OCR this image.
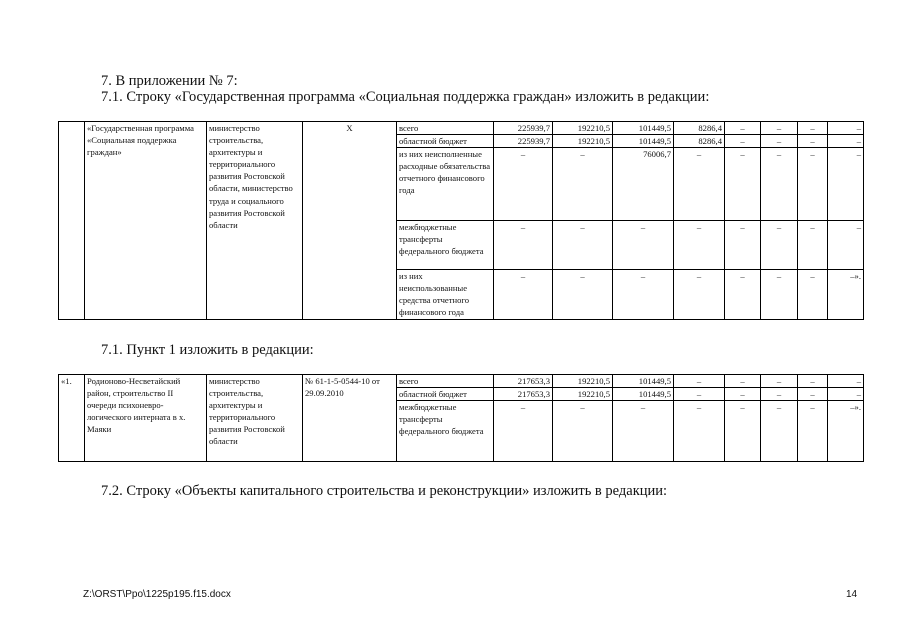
7. В приложении № 7:
7.1. Строку «Государственная программа «Социальная поддержка граждан» изложить в редакции:
	«Государственная программа «Социальная поддержка граждан»	министерство строительства, архитектуры и территориального развития Ростовской области, министерство труда и социального развития Ростовской области	Х	всего	225939,7	192210,5	101449,5	8286,4	–	–	–	–
				областной бюджет	225939,7	192210,5	101449,5	8286,4	–	–	–	–
				из них неисполненные расходные обязательства отчетного финансового года	–	–	76006,7	–	–	–	–	–
				межбюджетные трансферты федерального бюджета	–	–	–	–	–	–	–	–
				из них неиспользованные средства отчетного финансового года	–	–	–	–	–	–	–	–».
7.1. Пункт 1 изложить в редакции:
«1.	Родионово-Несветайский район, строительство II очереди психоневро-логического интерната в х. Маяки	министерство строительства, архитектуры и территориального развития Ростовской области	№ 61-1-5-0544-10 от 29.09.2010	всего	217653,3	192210,5	101449,5	–	–	–	–	–
				областной бюджет	217653,3	192210,5	101449,5	–	–	–	–	–
				межбюджетные трансферты федерального бюджета	–	–	–	–	–	–	–	–».
7.2. Строку «Объекты капитального строительства и реконструкции» изложить в редакции:
Z:\ORST\Ppo\1225p195.f15.docx	14
